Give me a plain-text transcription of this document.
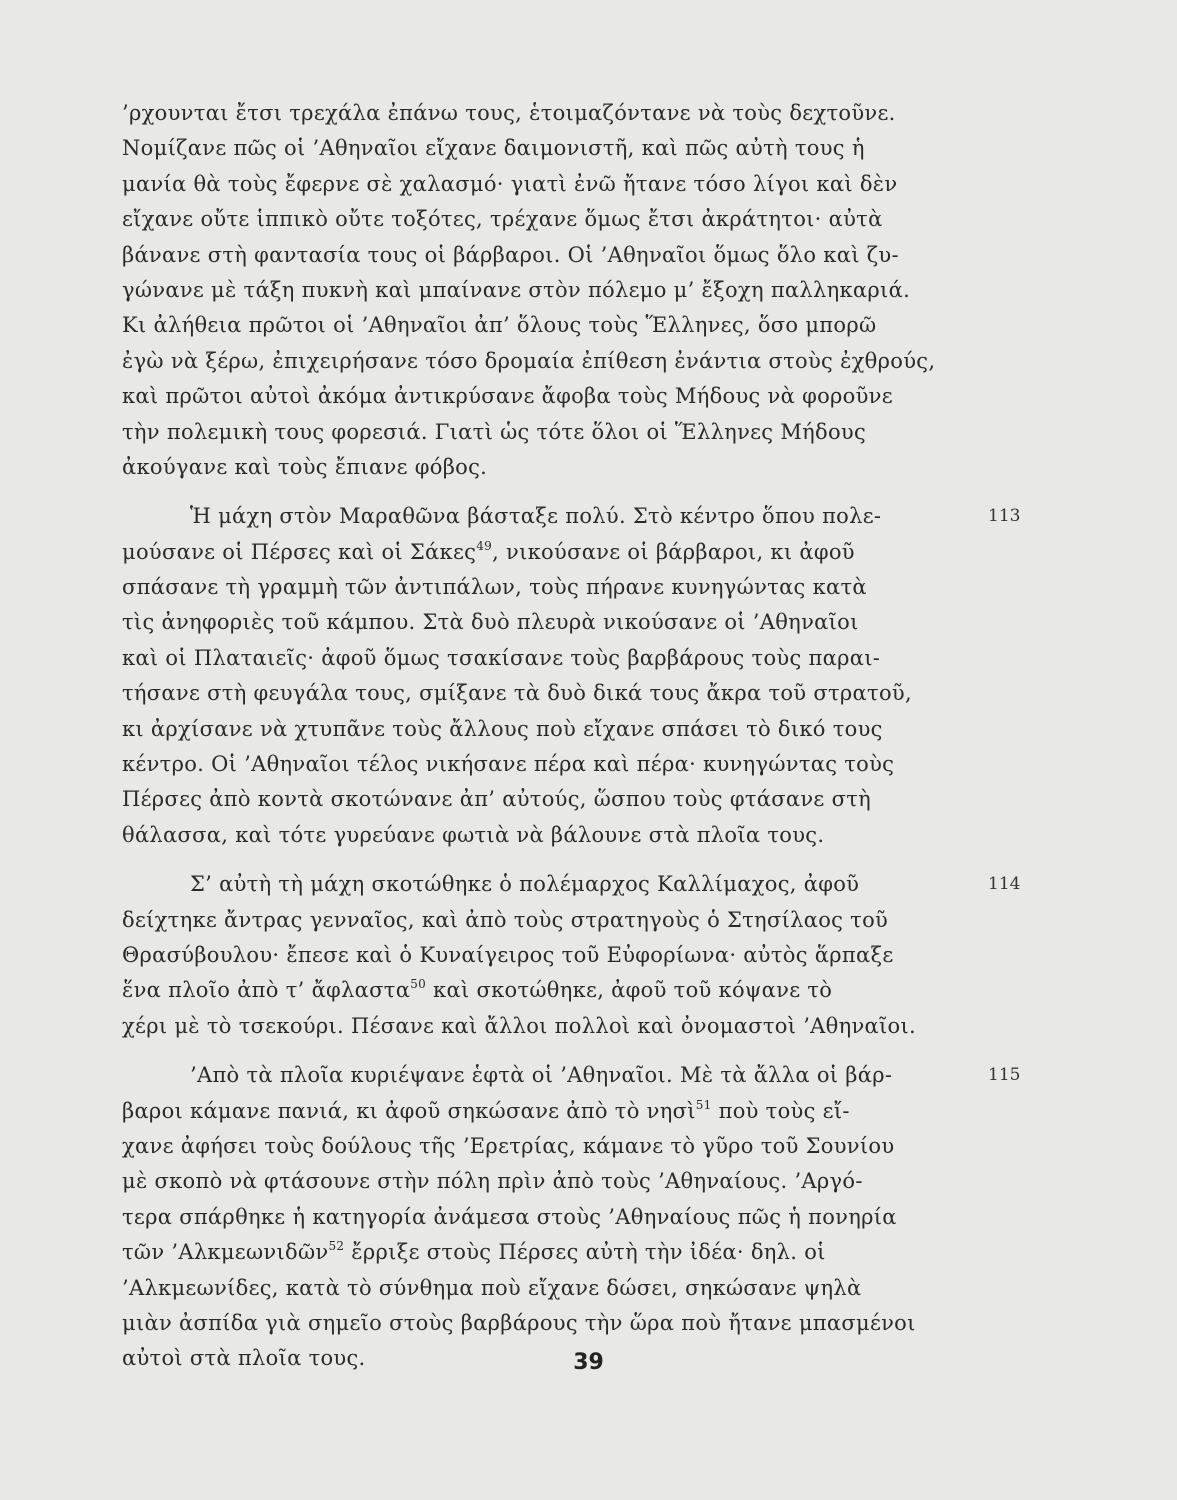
’ρχουνται ἔτσι τρεχάλα ἐπάνω τους, ἑτοιμαζόντανε νὰ τοὺς δεχτοῦνε.
Νομίζανε πῶς οἱ ’Αθηναῖοι εἴχανε δαιμονιστῆ, καὶ πῶς αὐτὴ τους ἡ
μανία θὰ τοὺς ἔφερνε σὲ χαλασμό· γιατὶ ἐνῶ ἤτανε τόσο λίγοι καὶ δὲν
εἴχανε οὔτε ἱππικὸ οὔτε τοξότες, τρέχανε ὅμως ἔτσι ἀκράτητοι· αὐτὰ
βάνανε στὴ φαντασία τους οἱ βάρβαροι. Οἱ ’Αθηναῖοι ὅμως ὅλο καὶ ζυ-
γώνανε μὲ τάξη πυκνὴ καὶ μπαίνανε στὸν πόλεμο μ’ ἔξοχη παλληκαριά.
Κι ἀλήθεια πρῶτοι οἱ ’Αθηναῖοι ἀπ’ ὅλους τοὺς Ἕλληνες, ὅσο μπορῶ
ἐγὼ νὰ ξέρω, ἐπιχειρήσανε τόσο δρομαία ἐπίθεση ἐνάντια στοὺς ἐχθρούς,
καὶ πρῶτοι αὐτοὶ ἀκόμα ἀντικρύσανε ἄφοβα τοὺς Μήδους νὰ φοροῦνε
τὴν πολεμικὴ τους φορεσιά. Γιατὶ ὡς τότε ὅλοι οἱ Ἕλληνες Μήδους
ἀκούγανε καὶ τοὺς ἔπιανε φόβος.
113
Ἡ μάχη στὸν Μαραθῶνα βάσταξε πολύ. Στὸ κέντρο ὅπου πολε-
μούσανε οἱ Πέρσες καὶ οἱ Σάκες$^{49}$, νικούσανε οἱ βάρβαροι, κι ἀφοῦ
σπάσανε τὴ γραμμὴ τῶν ἀντιπάλων, τοὺς πήρανε κυνηγώντας κατὰ
τὶς ἀνηφοριὲς τοῦ κάμπου. Στὰ δυὸ πλευρὰ νικούσανε οἱ ’Αθηναῖοι
καὶ οἱ Πλαταιεῖς· ἀφοῦ ὅμως τσακίσανε τοὺς βαρβάρους τοὺς παραι-
τήσανε στὴ φευγάλα τους, σμίξανε τὰ δυὸ δικά τους ἄκρα τοῦ στρατοῦ,
κι ἀρχίσανε νὰ χτυπᾶνε τοὺς ἄλλους ποὺ εἴχανε σπάσει τὸ δικό τους
κέντρο. Οἱ ’Αθηναῖοι τέλος νικήσανε πέρα καὶ πέρα· κυνηγώντας τοὺς
Πέρσες ἀπὸ κοντὰ σκοτώνανε ἀπ’ αὐτούς, ὥσπου τοὺς φτάσανε στὴ
θάλασσα, καὶ τότε γυρεύανε φωτιὰ νὰ βάλουνε στὰ πλοῖα τους.
114
Σ’ αὐτὴ τὴ μάχη σκοτώθηκε ὁ πολέμαρχος Καλλίμαχος, ἀφοῦ
δείχτηκε ἄντρας γενναῖος, καὶ ἀπὸ τοὺς στρατηγοὺς ὁ Στησίλαος τοῦ
Θρασύβουλου· ἔπεσε καὶ ὁ Κυναίγειρος τοῦ Εὐφορίωνα· αὐτὸς ἅρπαξε
ἕνα πλοῖο ἀπὸ τ’ ἄφλαστα$^{50}$ καὶ σκοτώθηκε, ἀφοῦ τοῦ κόψανε τὸ
χέρι μὲ τὸ τσεκούρι. Πέσανε καὶ ἄλλοι πολλοὶ καὶ ὀνομαστοὶ ’Αθηναῖοι.
115
’Απὸ τὰ πλοῖα κυριέψανε ἑφτὰ οἱ ’Αθηναῖοι. Μὲ τὰ ἄλλα οἱ βάρ-
βαροι κάμανε πανιά, κι ἀφοῦ σηκώσανε ἀπὸ τὸ νησὶ$^{51}$ ποὺ τοὺς εἴ-
χανε ἀφήσει τοὺς δούλους τῆς ’Ερετρίας, κάμανε τὸ γῦρο τοῦ Σουνίου
μὲ σκοπὸ νὰ φτάσουνε στὴν πόλη πρὶν ἀπὸ τοὺς ’Αθηναίους. ’Αργό-
τερα σπάρθηκε ἡ κατηγορία ἀνάμεσα στοὺς ’Αθηναίους πῶς ἡ πονηρία
τῶν ’Αλκμεωνιδῶν$^{52}$ ἔρριξε στοὺς Πέρσες αὐτὴ τὴν ἰδέα· δηλ. οἱ
’Αλκμεωνίδες, κατὰ τὸ σύνθημα ποὺ εἴχανε δώσει, σηκώσανε ψηλὰ
μιὰν ἀσπίδα γιὰ σημεῖο στοὺς βαρβάρους τὴν ὥρα ποὺ ἤτανε μπασμένοι
αὐτοὶ στὰ πλοῖα τους.	39
